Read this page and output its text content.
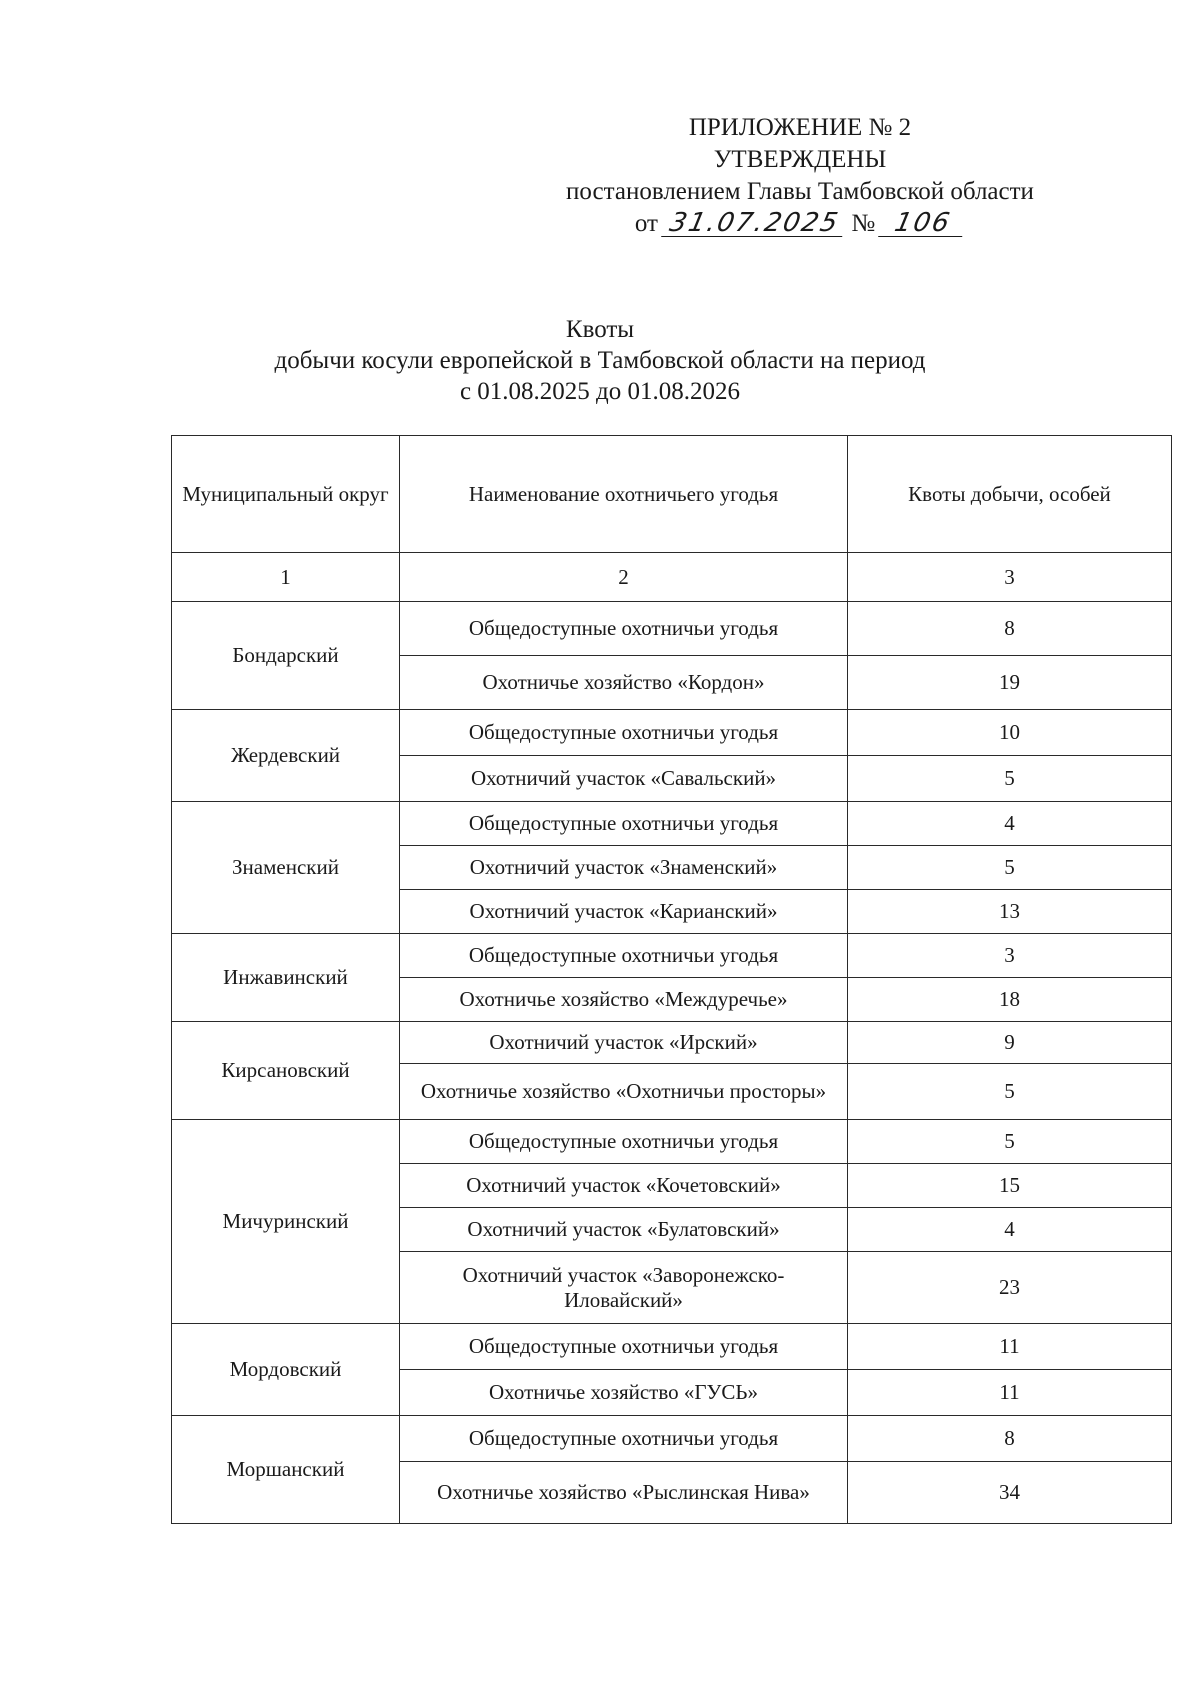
ПРИЛОЖЕНИЕ № 2
УТВЕРЖДЕНЫ
постановлением Главы Тамбовской области
от 31.07.2025 № 106
Квоты
добычи косули европейской в Тамбовской области на период
с 01.08.2025 до 01.08.2026
Муниципальный округ	Наименование охотничьего угодья	Квоты добычи, особей
1	2	3
Бондарский	Общедоступные охотничьи угодья	8
	Охотничье хозяйство «Кордон»	19
Жердевский	Общедоступные охотничьи угодья	10
	Охотничий участок «Савальский»	5
Знаменский	Общедоступные охотничьи угодья	4
	Охотничий участок «Знаменский»	5
	Охотничий участок «Карианский»	13
Инжавинский	Общедоступные охотничьи угодья	3
	Охотничье хозяйство «Междуречье»	18
Кирсановский	Охотничий участок «Ирский»	9
	Охотничье хозяйство «Охотничьи просторы»	5
Мичуринский	Общедоступные охотничьи угодья	5
	Охотничий участок «Кочетовский»	15
	Охотничий участок «Булатовский»	4
	Охотничий участок «Заворонежско-Иловайский»	23
Мордовский	Общедоступные охотничьи угодья	11
	Охотничье хозяйство «ГУСЬ»	11
Моршанский	Общедоступные охотничьи угодья	8
	Охотничье хозяйство «Рыслинская Нива»	34
